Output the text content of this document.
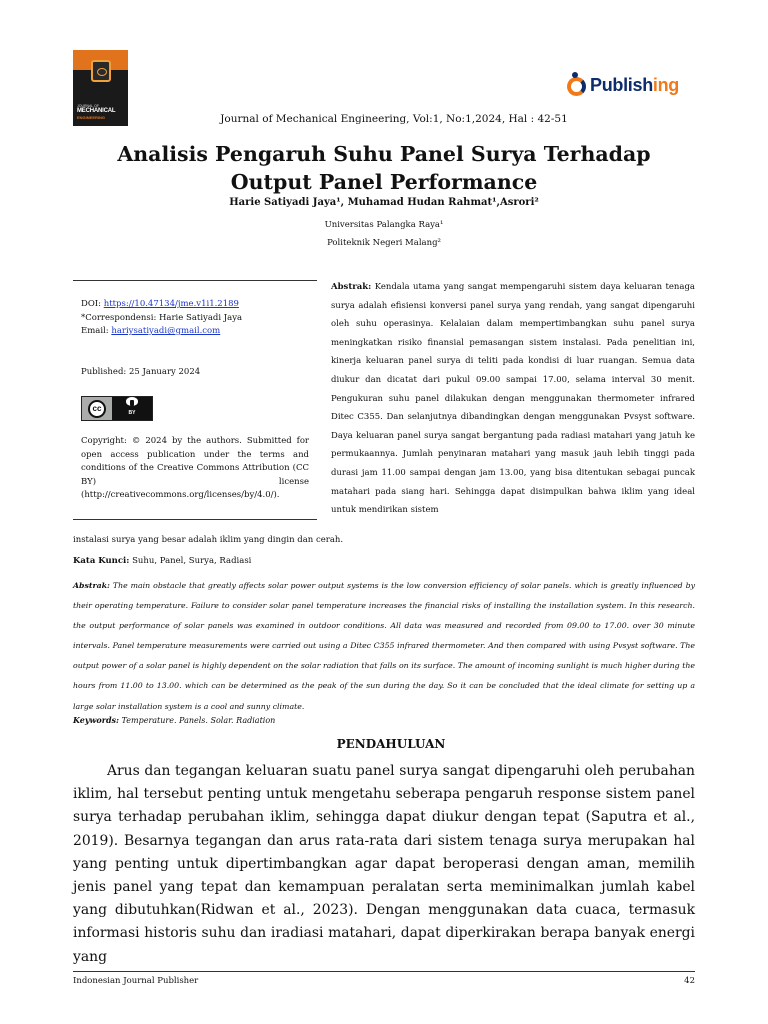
JOURNAL OF
MECHANICAL
ENGINEERING
Publishing
Journal of Mechanical Engineering, Vol:1, No:1,2024, Hal : 42-51
Analisis Pengaruh Suhu Panel Surya Terhadap
Output Panel Performance
Harie Satiyadi Jaya¹, Muhamad Hudan Rahmat¹,Asrori²
Universitas Palangka Raya¹
Politeknik Negeri Malang²
DOI: https://10.47134/jme.v1i1.2189
*Correspondensi: Harie Satiyadi Jaya
Email: hariysatiyadi@gmail.com
Published: 25 January 2024
cc	BY
Copyright: © 2024 by the authors. Submitted for open access publication under the terms and conditions of the Creative Commons Attribution (CC BY) license (http://creativecommons.org/licenses/by/4.0/).
Abstrak: Kendala utama yang sangat mempengaruhi sistem daya keluaran tenaga surya adalah efisiensi konversi panel surya yang rendah, yang sangat dipengaruhi oleh suhu operasinya. Kelalaian dalam mempertimbangkan suhu panel surya meningkatkan risiko finansial pemasangan sistem instalasi. Pada penelitian ini, kinerja keluaran panel surya di teliti pada kondisi di luar ruangan. Semua data diukur dan dicatat dari pukul 09.00 sampai 17.00, selama interval 30 menit. Pengukuran suhu panel dilakukan dengan menggunakan thermometer infrared Ditec C355. Dan selanjutnya dibandingkan dengan menggunakan Pvsyst software. Daya keluaran panel surya sangat bergantung pada radiasi matahari yang jatuh ke permukaannya. Jumlah penyinaran matahari yang masuk jauh lebih tinggi pada durasi jam 11.00 sampai dengan jam 13.00, yang bisa ditentukan sebagai puncak matahari pada siang hari. Sehingga dapat disimpulkan bahwa iklim yang ideal untuk mendirikan sistem
instalasi surya yang besar adalah iklim yang dingin dan cerah.
Kata Kunci: Suhu, Panel, Surya, Radiasi
Abstrak: The main obstacle that greatly affects solar power output systems is the low conversion efficiency of solar panels. which is greatly influenced by their operating temperature. Failure to consider solar panel temperature increases the financial risks of installing the installation system. In this research. the output performance of solar panels was examined in outdoor conditions. All data was measured and recorded from 09.00 to 17.00. over 30 minute intervals. Panel temperature measurements were carried out using a Ditec C355 infrared thermometer. And then compared with using Pvsyst software. The output power of a solar panel is highly dependent on the solar radiation that falls on its surface. The amount of incoming sunlight is much higher during the hours from 11.00 to 13.00. which can be determined as the peak of the sun during the day. So it can be concluded that the ideal climate for setting up a large solar installation system is a cool and sunny climate.
Keywords: Temperature. Panels. Solar. Radiation
PENDAHULUAN
Arus dan tegangan keluaran suatu panel surya sangat dipengaruhi oleh perubahan iklim, hal tersebut penting untuk mengetahu seberapa pengaruh response sistem panel surya terhadap perubahan iklim, sehingga dapat diukur dengan tepat (Saputra et al., 2019). Besarnya tegangan dan arus rata-rata dari sistem tenaga surya merupakan hal yang penting untuk dipertimbangkan agar dapat beroperasi dengan aman, memilih jenis panel yang tepat dan kemampuan peralatan serta meminimalkan jumlah kabel yang dibutuhkan(Ridwan et al., 2023). Dengan menggunakan data cuaca, termasuk informasi historis suhu dan iradiasi matahari, dapat diperkirakan berapa banyak energi yang
Indonesian Journal Publisher	42
